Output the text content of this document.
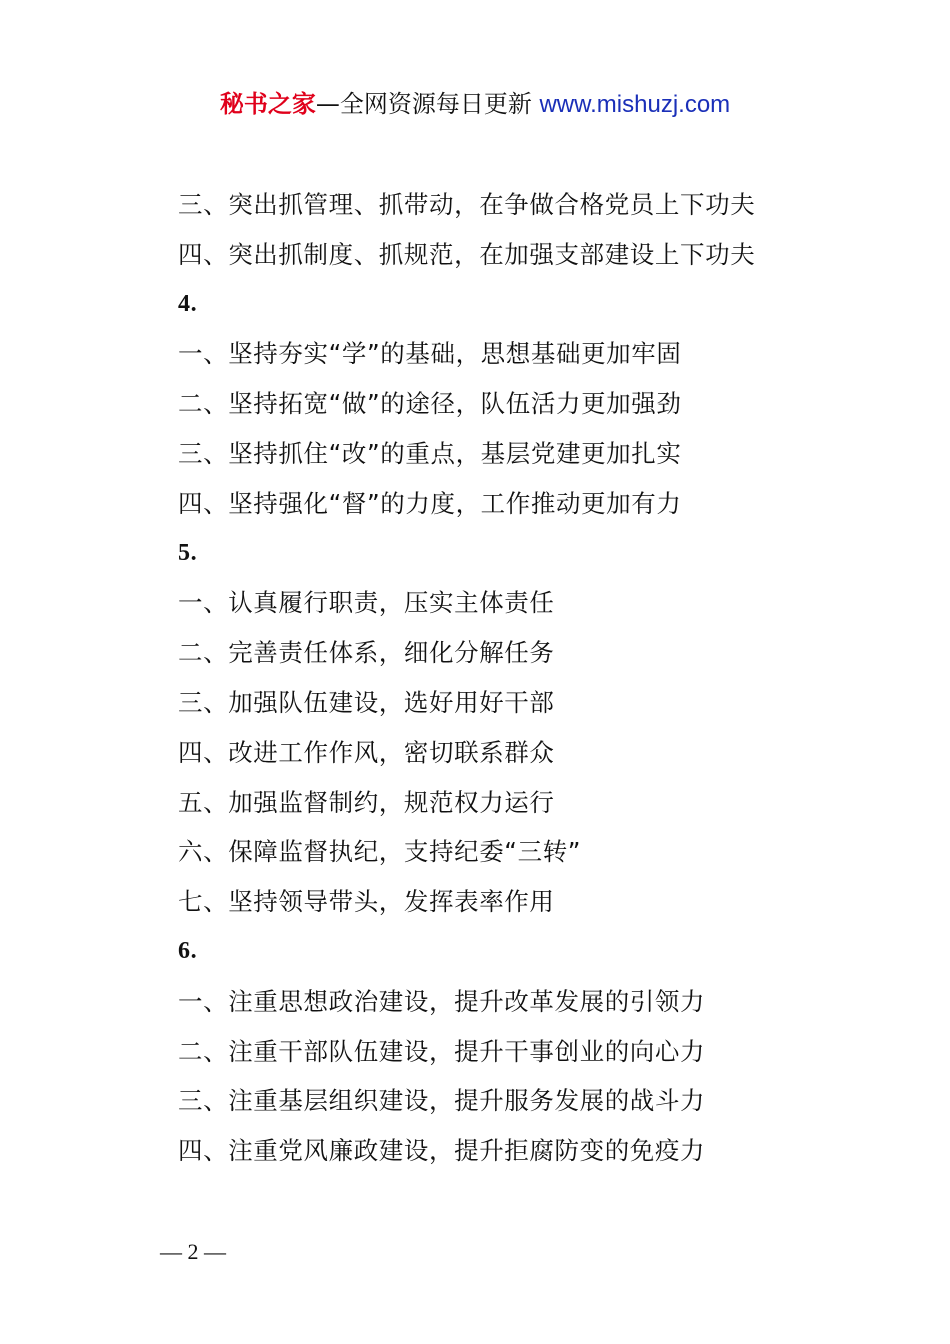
秘书之家—全网资源每日更新 www.mishuzj.com
三、突出抓管理、抓带动，在争做合格党员上下功夫
四、突出抓制度、抓规范，在加强支部建设上下功夫
4.
一、坚持夯实“学”的基础，思想基础更加牢固
二、坚持拓宽“做”的途径，队伍活力更加强劲
三、坚持抓住“改”的重点，基层党建更加扎实
四、坚持强化“督”的力度，工作推动更加有力
5.
一、认真履行职责，压实主体责任
二、完善责任体系，细化分解任务
三、加强队伍建设，选好用好干部
四、改进工作作风，密切联系群众
五、加强监督制约，规范权力运行
六、保障监督执纪，支持纪委“三转”
七、坚持领导带头，发挥表率作用
6.
一、注重思想政治建设，提升改革发展的引领力
二、注重干部队伍建设，提升干事创业的向心力
三、注重基层组织建设，提升服务发展的战斗力
四、注重党风廉政建设，提升拒腐防变的免疫力
— 2 —
